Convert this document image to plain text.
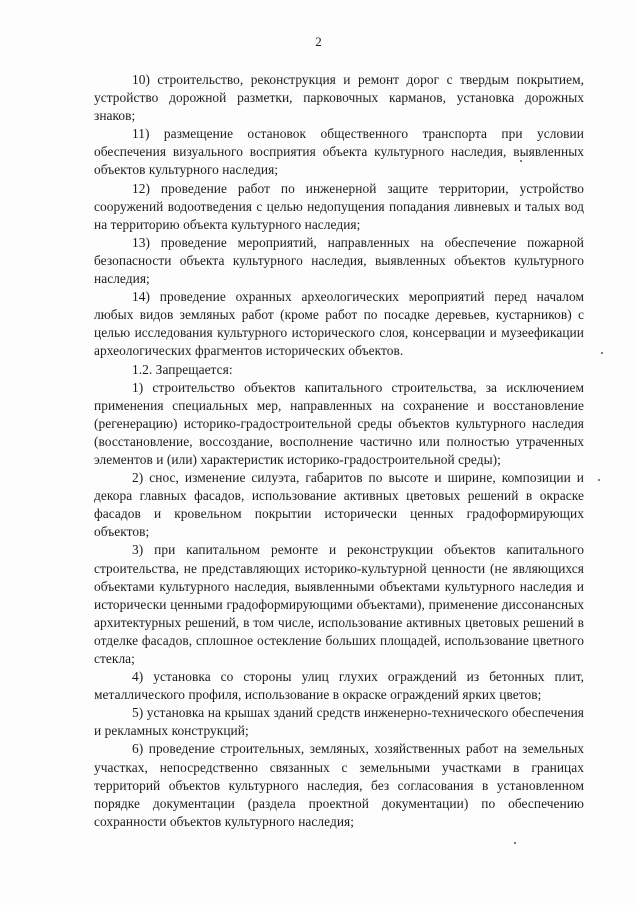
2

10) строительство, реконструкция и ремонт дорог с твердым покрытием, устройство дорожной разметки, парковочных карманов, установка дорожных знаков;

11) размещение остановок общественного транспорта при условии обеспечения визуального восприятия объекта культурного наследия, выявленных объектов культурного наследия;

12) проведение работ по инженерной защите территории, устройство сооружений водоотведения с целью недопущения попадания ливневых и талых вод на территорию объекта культурного наследия;

13) проведение мероприятий, направленных на обеспечение пожарной безопасности объекта культурного наследия, выявленных объектов культурного наследия;

14) проведение охранных археологических мероприятий перед началом любых видов земляных работ (кроме работ по посадке деревьев, кустарников) с целью исследования культурного исторического слоя, консервации и музеефикации археологических фрагментов исторических объектов.

1.2. Запрещается:

1) строительство объектов капитального строительства, за исключением применения специальных мер, направленных на сохранение и восстановление (регенерацию) историко-градостроительной среды объектов культурного наследия (восстановление, воссоздание, восполнение частично или полностью утраченных элементов и (или) характеристик историко-градостроительной среды);

2) снос, изменение силуэта, габаритов по высоте и ширине, композиции и декора главных фасадов, использование активных цветовых решений в окраске фасадов и кровельном покрытии исторически ценных градоформирующих объектов;

3) при капитальном ремонте и реконструкции объектов капитального строительства, не представляющих историко-культурной ценности (не являющихся объектами культурного наследия, выявленными объектами культурного наследия и исторически ценными градоформирующими объектами), применение диссонансных архитектурных решений, в том числе, использование активных цветовых решений в отделке фасадов, сплошное остекление больших площадей, использование цветного стекла;

4) установка со стороны улиц глухих ограждений из бетонных плит, металлического профиля, использование в окраске ограждений ярких цветов;

5) установка на крышах зданий средств инженерно-технического обеспечения и рекламных конструкций;

6) проведение строительных, земляных, хозяйственных работ на земельных участках, непосредственно связанных с земельными участками в границах территорий объектов культурного наследия, без согласования в установленном порядке документации (разделa проектной документации) по обеспечению сохранности объектов культурного наследия;
